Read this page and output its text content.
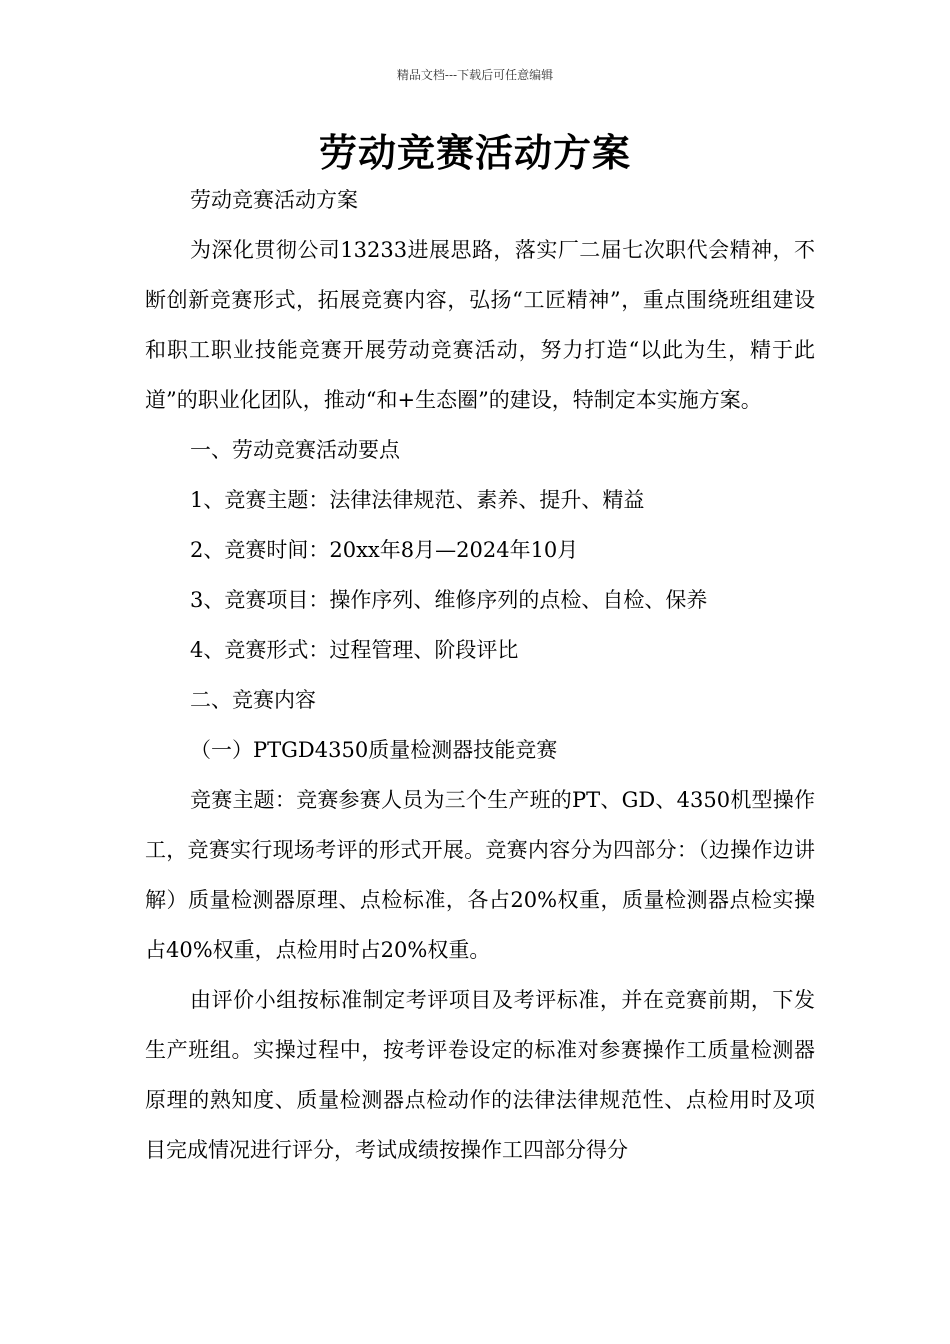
精品文档---下载后可任意编辑
劳动竞赛活动方案

劳动竞赛活动方案

为深化贯彻公司13233进展思路，落实厂二届七次职代会精神，不断创新竞赛形式，拓展竞赛内容，弘扬“工匠精神”，重点围绕班组建设和职工职业技能竞赛开展劳动竞赛活动，努力打造“以此为生，精于此道”的职业化团队，推动“和+生态圈”的建设，特制定本实施方案。

一、劳动竞赛活动要点

1、竞赛主题：法律法律规范、素养、提升、精益

2、竞赛时间：20xx年8月—2024年10月

3、竞赛项目：操作序列、维修序列的点检、自检、保养

4、竞赛形式：过程管理、阶段评比

二、竞赛内容

（一）PTGD4350质量检测器技能竞赛

竞赛主题：竞赛参赛人员为三个生产班的PT、GD、4350机型操作工，竞赛实行现场考评的形式开展。竞赛内容分为四部分：（边操作边讲解）质量检测器原理、点检标准，各占20%权重，质量检测器点检实操占40%权重，点检用时占20%权重。

由评价小组按标准制定考评项目及考评标准，并在竞赛前期，下发生产班组。实操过程中，按考评卷设定的标准对参赛操作工质量检测器原理的熟知度、质量检测器点检动作的法律法律规范性、点检用时及项目完成情况进行评分，考试成绩按操作工四部分得分
